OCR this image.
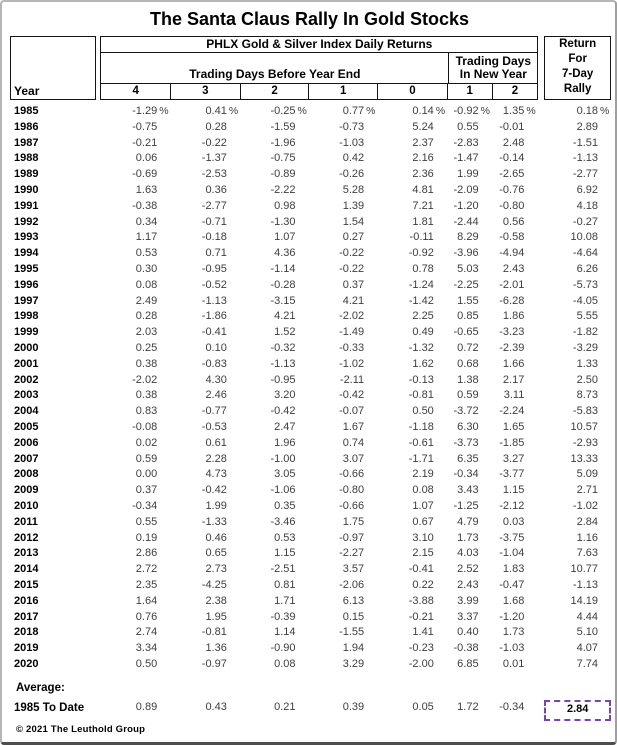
The Santa Claus Rally In Gold Stocks
Year
PHLX Gold & Silver Index Daily Returns
Trading Days Before Year End
Trading Days
In New Year
4	3	2	1	0	1	2
Return
For
7-Day
Rally
1985	-1.29 %	0.41 %	-0.25 %	0.77 %	0.14 % -0.92 %	1.35 %	0.18 %
1986	-0.75	0.28	-1.59	-0.73	5.24	0.55	-0.01	2.89
1987	-0.21	-0.22	-1.96	-1.03	2.37	-2.83	2.48	-1.51
1988	0.06	-1.37	-0.75	0.42	2.16	-1.47	-0.14	-1.13
1989	-0.69	-2.53	-0.89	-0.26	2.36	1.99	-2.65	-2.77
1990	1.63	0.36	-2.22	5.28	4.81	-2.09	-0.76	6.92
1991	-0.38	-2.77	0.98	1.39	7.21	-1.20	-0.80	4.18
1992	0.34	-0.71	-1.30	1.54	1.81	-2.44	0.56	-0.27
1993	1.17	-0.18	1.07	0.27	-0.11	8.29	-0.58	10.08
1994	0.53	0.71	4.36	-0.22	-0.92	-3.96	-4.94	-4.64
1995	0.30	-0.95	-1.14	-0.22	0.78	5.03	2.43	6.26
1996	0.08	-0.52	-0.28	0.37	-1.24	-2.25	-2.01	-5.73
1997	2.49	-1.13	-3.15	4.21	-1.42	1.55	-6.28	-4.05
1998	0.28	-1.86	4.21	-2.02	2.25	0.85	1.86	5.55
1999	2.03	-0.41	1.52	-1.49	0.49	-0.65	-3.23	-1.82
2000	0.25	0.10	-0.32	-0.33	-1.32	0.72	-2.39	-3.29
2001	0.38	-0.83	-1.13	-1.02	1.62	0.68	1.66	1.33
2002	-2.02	4.30	-0.95	-2.11	-0.13	1.38	2.17	2.50
2003	0.38	2.46	3.20	-0.42	-0.81	0.59	3.11	8.73
2004	0.83	-0.77	-0.42	-0.07	0.50	-3.72	-2.24	-5.83
2005	-0.08	-0.53	2.47	1.67	-1.18	6.30	1.65	10.57
2006	0.02	0.61	1.96	0.74	-0.61	-3.73	-1.85	-2.93
2007	0.59	2.28	-1.00	3.07	-1.71	6.35	3.27	13.33
2008	0.00	4.73	3.05	-0.66	2.19	-0.34	-3.77	5.09
2009	0.37	-0.42	-1.06	-0.80	0.08	3.43	1.15	2.71
2010	-0.34	1.99	0.35	-0.66	1.07	-1.25	-2.12	-1.02
2011	0.55	-1.33	-3.46	1.75	0.67	4.79	0.03	2.84
2012	0.19	0.46	0.53	-0.97	3.10	1.73	-3.75	1.16
2013	2.86	0.65	1.15	-2.27	2.15	4.03	-1.04	7.63
2014	2.72	2.73	-2.51	3.57	-0.41	2.52	1.83	10.77
2015	2.35	-4.25	0.81	-2.06	0.22	2.43	-0.47	-1.13
2016	1.64	2.38	1.71	6.13	-3.88	3.99	1.68	14.19
2017	0.76	1.95	-0.39	0.15	-0.21	3.37	-1.20	4.44
2018	2.74	-0.81	1.14	-1.55	1.41	0.40	1.73	5.10
2019	3.34	1.36	-0.90	1.94	-0.23	-0.38	-1.03	4.07
2020	0.50	-0.97	0.08	3.29	-2.00	6.85	0.01	7.74
Average:
1985 To Date	0.89	0.43	0.21	0.39	0.05	1.72	-0.34	2.84
© 2021 The Leuthold Group
